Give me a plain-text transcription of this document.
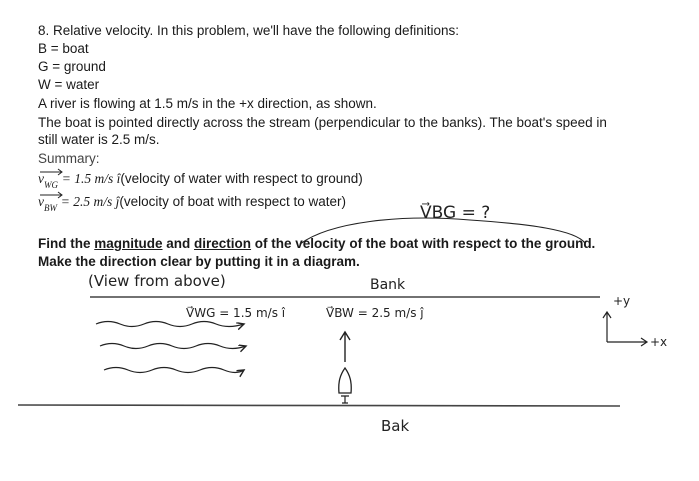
8. Relative velocity. In this problem, we'll have the following definitions:
B = boat
G = ground
W = water
A river is flowing at 1.5 m/s in the +x direction, as shown.
The boat is pointed directly across the stream (perpendicular to the banks). The boat's speed in
still water is 2.5 m/s.
Summary:
$v_{WG} = 1.5$ m/s î(velocity of water with respect to ground)
$v_{BW} = 2.5$ m/s ĵ(velocity of boat with respect to water)
Find the magnitude and direction of the velocity of the boat with respect to the ground.
Make the direction clear by putting it in a diagram.
V⃗BG = ?
(View from above)	Bank
V⃗WG = 1.5 m/s î	V⃗BW = 2.5 m/s ĵ
+y
+x
Bak
